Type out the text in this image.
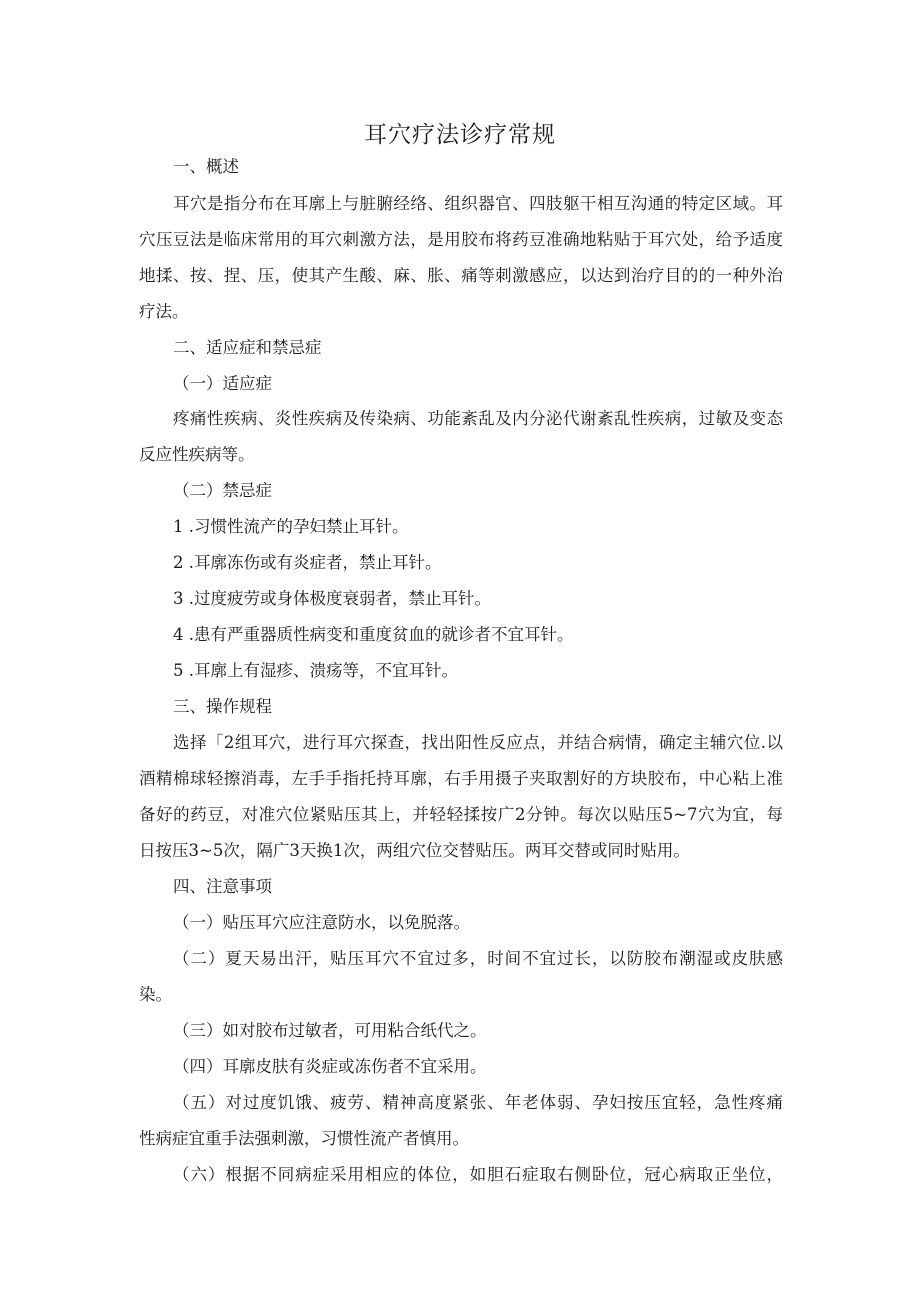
耳穴疗法诊疗常规
一、概述
耳穴是指分布在耳廓上与脏腑经络、组织器官、四肢躯干相互沟通的特定区域。耳
穴压豆法是临床常用的耳穴刺激方法，是用胶布将药豆准确地粘贴于耳穴处，给予适度
地揉、按、捏、压，使其产生酸、麻、胀、痛等刺激感应，以达到治疗目的的一种外治
疗法。
二、适应症和禁忌症
（一）适应症
疼痛性疾病、炎性疾病及传染病、功能紊乱及内分泌代谢紊乱性疾病，过敏及变态
反应性疾病等。
（二）禁忌症
1 .习惯性流产的孕妇禁止耳针。
2 .耳廓冻伤或有炎症者，禁止耳针。
3 .过度疲劳或身体极度衰弱者，禁止耳针。
4 .患有严重器质性病变和重度贫血的就诊者不宜耳针。
5 .耳廓上有湿疹、溃疡等，不宜耳针。
三、操作规程
选择「2组耳穴，进行耳穴探查，找出阳性反应点，并结合病情，确定主辅穴位.以
酒精棉球轻擦消毒，左手手指托持耳廓，右手用摄子夹取割好的方块胶布，中心粘上准
备好的药豆，对准穴位紧贴压其上，并轻轻揉按广2分钟。每次以贴压5~7穴为宜，每
日按压3~5次，隔广3天换1次，两组穴位交替贴压。两耳交替或同时贴用。
四、注意事项
（一）贴压耳穴应注意防水，以免脱落。
（二）夏天易出汗，贴压耳穴不宜过多，时间不宜过长，以防胶布潮湿或皮肤感
染。
（三）如对胶布过敏者，可用粘合纸代之。
（四）耳廓皮肤有炎症或冻伤者不宜采用。
（五）对过度饥饿、疲劳、精神高度紧张、年老体弱、孕妇按压宜轻，急性疼痛
性病症宜重手法强刺激，习惯性流产者慎用。
（六）根据不同病症采用相应的体位，如胆石症取右侧卧位，冠心病取正坐位，
